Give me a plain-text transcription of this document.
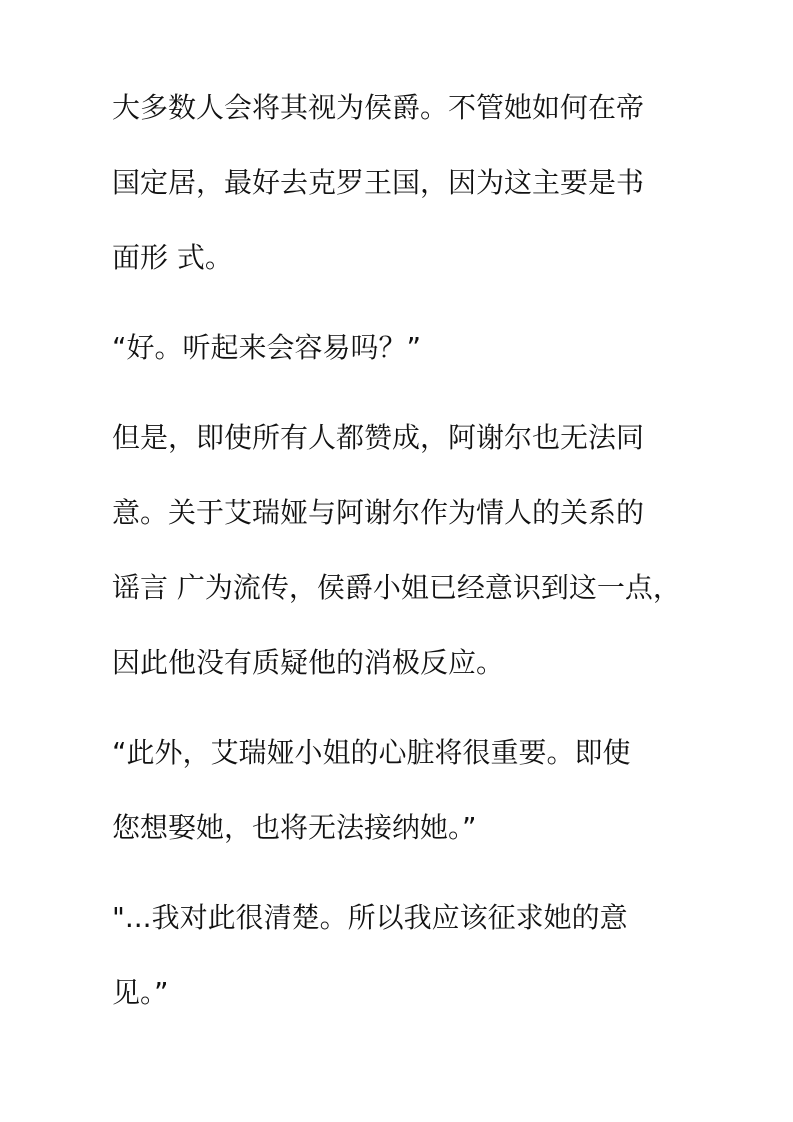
大多数人会将其视为侯爵。不管她如何在帝

国定居，最好去克罗王国，因为这主要是书

面形 式。

“好。听起来会容易吗？”

但是，即使所有人都赞成，阿谢尔也无法同

意。关于艾瑞娅与阿谢尔作为情人的关系的

谣言 广为流传，侯爵小姐已经意识到这一点，

因此他没有质疑他的消极反应。

“此外，艾瑞娅小姐的心脏将很重要。即使

您想娶她，也将无法接纳她。”

"...我对此很清楚。所以我应该征求她的意

见。”
